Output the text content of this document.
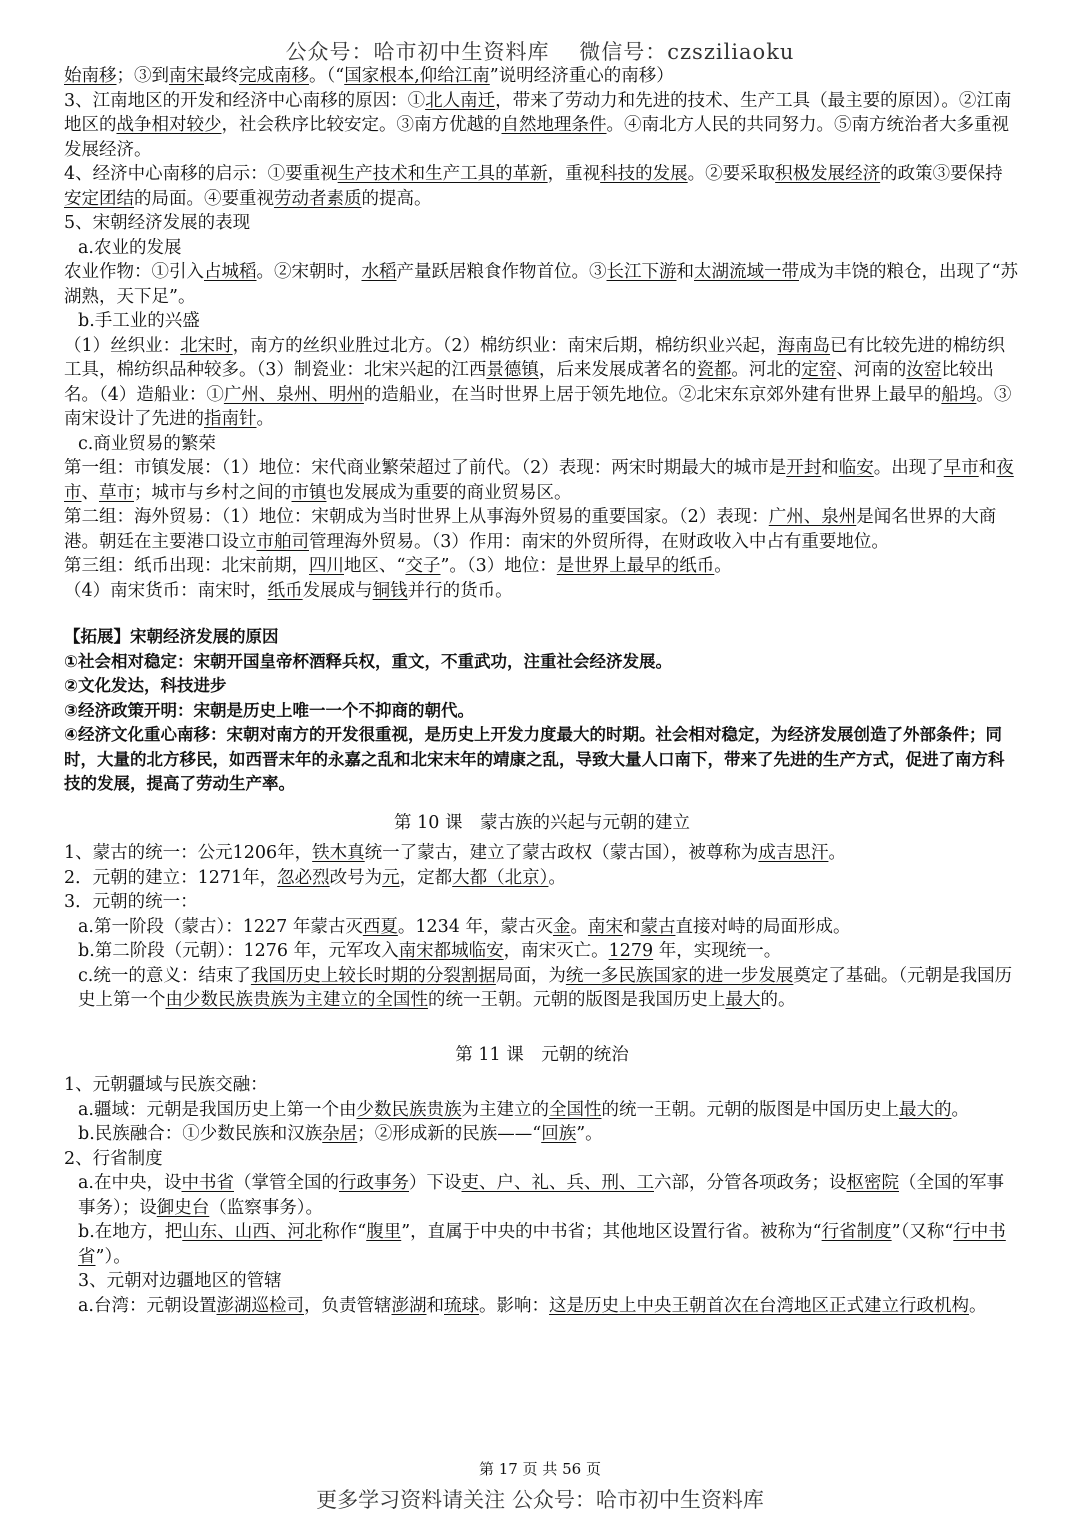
公众号：哈市初中生资料库　 微信号：czsziliaoku

始南移；③到南宋最终完成南移。（“国家根本,仰给江南”说明经济重心的南移）

3、江南地区的开发和经济中心南移的原因：①北人南迁，带来了劳动力和先进的技术、生产工具（最主要的原因）。②江南地区的战争相对较少，社会秩序比较安定。③南方优越的自然地理条件。④南北方人民的共同努力。⑤南方统治者大多重视发展经济。

4、经济中心南移的启示：①要重视生产技术和生产工具的革新，重视科技的发展。②要采取积极发展经济的政策③要保持安定团结的局面。④要重视劳动者素质的提高。

5、宋朝经济发展的表现

a.农业的发展

农业作物：①引入占城稻。②宋朝时，水稻产量跃居粮食作物首位。③长江下游和太湖流域一带成为丰饶的粮仓，出现了“苏湖熟，天下足”。

b.手工业的兴盛

（1）丝织业：北宋时，南方的丝织业胜过北方。（2）棉纺织业：南宋后期，棉纺织业兴起，海南岛已有比较先进的棉纺织工具，棉纺织品种较多。（3）制瓷业：北宋兴起的江西景德镇，后来发展成著名的瓷都。河北的定窑、河南的汝窑比较出名。（4）造船业：①广州、泉州、明州的造船业，在当时世界上居于领先地位。②北宋东京郊外建有世界上最早的船坞。③南宋设计了先进的指南针。

c.商业贸易的繁荣

第一组：市镇发展：（1）地位：宋代商业繁荣超过了前代。（2）表现：两宋时期最大的城市是开封和临安。出现了早市和夜市、草市；城市与乡村之间的市镇也发展成为重要的商业贸易区。

第二组：海外贸易：（1）地位：宋朝成为当时世界上从事海外贸易的重要国家。（2）表现：广州、泉州是闻名世界的大商港。朝廷在主要港口设立市舶司管理海外贸易。（3）作用：南宋的外贸所得，在财政收入中占有重要地位。

第三组：纸币出现：北宋前期，四川地区、“交子”。（3）地位：是世界上最早的纸币。

（4）南宋货币：南宋时，纸币发展成与铜钱并行的货币。

【拓展】宋朝经济发展的原因

①社会相对稳定：宋朝开国皇帝杯酒释兵权，重文，不重武功，注重社会经济发展。

②文化发达，科技进步

③经济政策开明：宋朝是历史上唯一一个不抑商的朝代。

④经济文化重心南移：宋朝对南方的开发很重视，是历史上开发力度最大的时期。社会相对稳定，为经济发展创造了外部条件；同时，大量的北方移民，如西晋末年的永嘉之乱和北宋末年的靖康之乱，导致大量人口南下，带来了先进的生产方式，促进了南方科技的发展，提高了劳动生产率。

第 10 课　蒙古族的兴起与元朝的建立

1、蒙古的统一：公元1206年，铁木真统一了蒙古，建立了蒙古政权（蒙古国），被尊称为成吉思汗。

2．元朝的建立：1271年，忽必烈改号为元，定都大都（北京）。

3．元朝的统一：

a.第一阶段（蒙古）：1227 年蒙古灭西夏。1234 年，蒙古灭金。南宋和蒙古直接对峙的局面形成。

b.第二阶段（元朝）：1276 年，元军攻入南宋都城临安，南宋灭亡。1279 年，实现统一。

c.统一的意义：结束了我国历史上较长时期的分裂割据局面，为统一多民族国家的进一步发展奠定了基础。（元朝是我国历史上第一个由少数民族贵族为主建立的全国性的统一王朝。元朝的版图是我国历史上最大的。

第 11 课　元朝的统治

1、元朝疆域与民族交融：

a.疆域：元朝是我国历史上第一个由少数民族贵族为主建立的全国性的统一王朝。元朝的版图是中国历史上最大的。

b.民族融合：①少数民族和汉族杂居；②形成新的民族——“回族”。

2、行省制度

a.在中央，设中书省（掌管全国的行政事务）下设吏、户、礼、兵、刑、工六部，分管各项政务；设枢密院（全国的军事事务）；设御史台（监察事务）。

b.在地方，把山东、山西、河北称作“腹里”，直属于中央的中书省；其他地区设置行省。被称为“行省制度”（又称“行中书省”）。

3、元朝对边疆地区的管辖

a.台湾：元朝设置澎湖巡检司，负责管辖澎湖和琉球。影响：这是历史上中央王朝首次在台湾地区正式建立行政机构。

第 17 页 共 56 页
更多学习资料请关注 公众号：哈市初中生资料库
